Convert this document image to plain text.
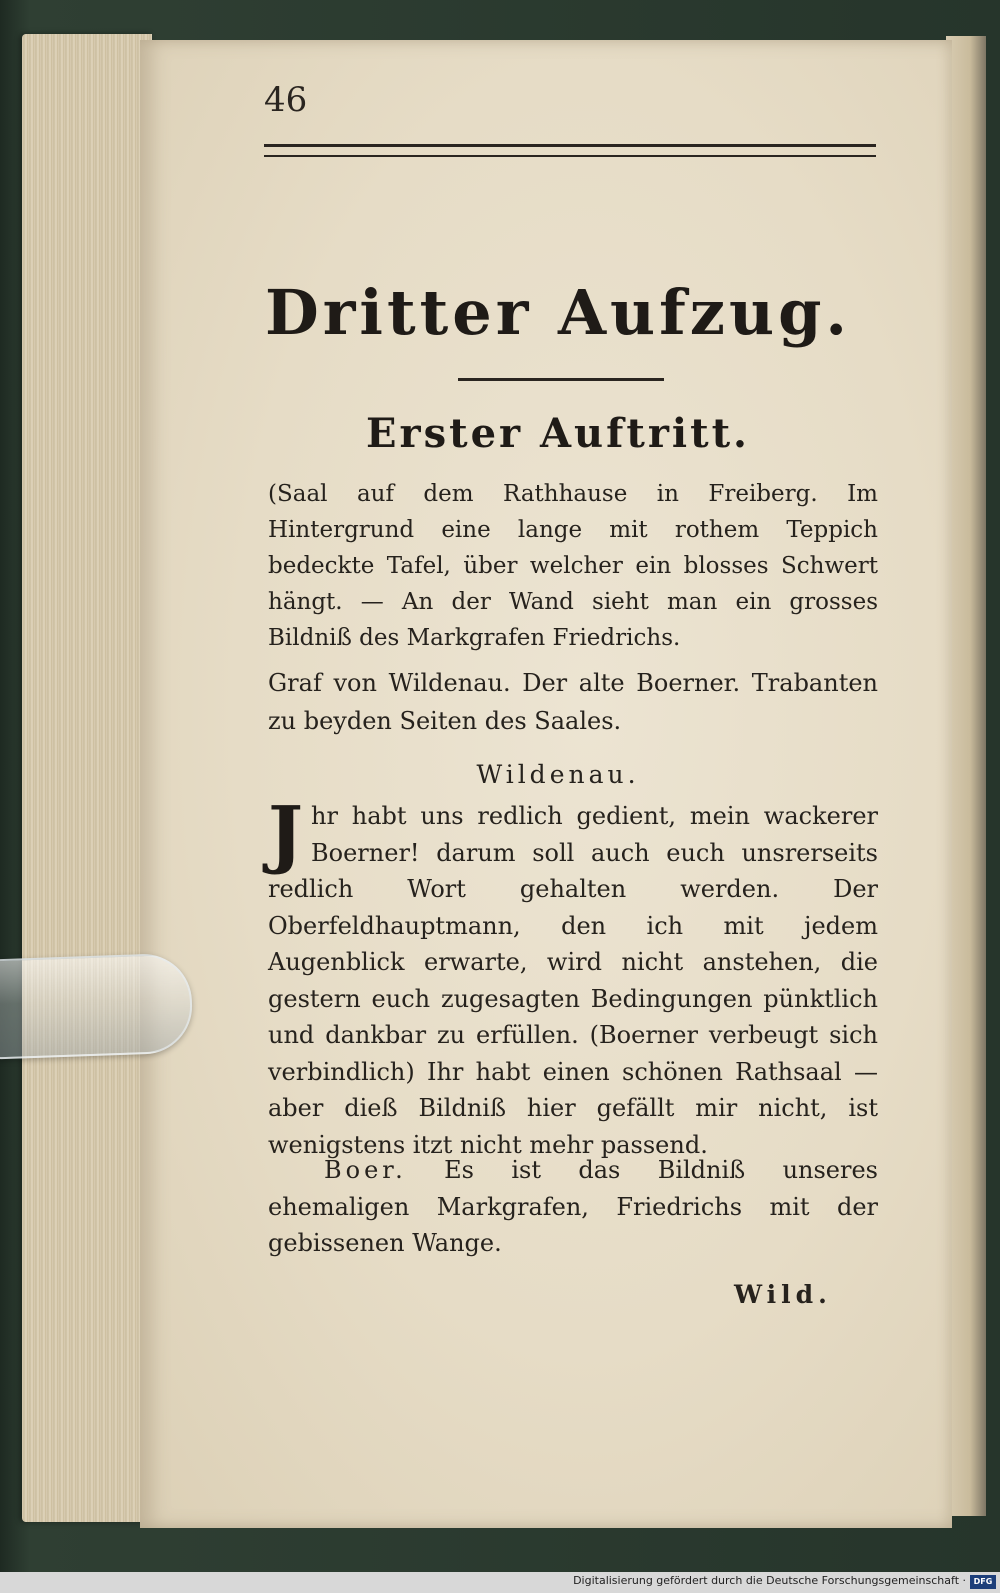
46
Dritter Aufzug.
Erster Auftritt.
(Saal auf dem Rathhause in Freiberg. Im Hintergrund eine lange mit rothem Teppich bedeckte Tafel, über welcher ein blosses Schwert hängt. — An der Wand sieht man ein grosses Bildniß des Markgrafen Friedrichs.
Graf von Wildenau. Der alte Boerner. Trabanten zu beyden Seiten des Saales.
Wildenau.
J hr habt uns redlich gedient, mein wackerer Boerner! darum soll auch euch unsrerseits redlich Wort gehalten werden. Der Oberfeldhauptmann, den ich mit jedem Augenblick erwarte, wird nicht anstehen, die gestern euch zugesagten Bedingungen pünktlich und dankbar zu erfüllen. (Boerner verbeugt sich verbindlich) Ihr habt einen schönen Rathsaal — aber dieß Bildniß hier gefällt mir nicht, ist wenigstens itzt nicht mehr passend.
Boer. Es ist das Bildniß unseres ehemaligen Markgrafen, Friedrichs mit der gebissenen Wange.
Wild.
Digitalisierung gefördert durch die Deutsche Forschungsgemeinschaft · DFG
